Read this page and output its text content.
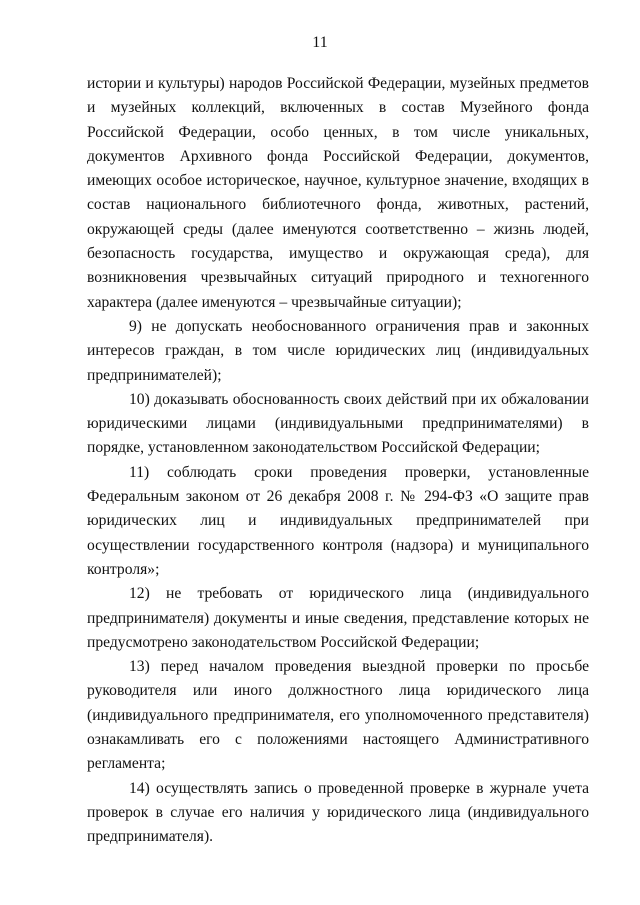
11

истории и культуры) народов Российской Федерации, музейных предметов и музейных коллекций, включенных в состав Музейного фонда Российской Федерации, особо ценных, в том числе уникальных, документов Архивного фонда Российской Федерации, документов, имеющих особое историческое, научное, культурное значение, входящих в состав национального библиотечного фонда, животных, растений, окружающей среды (далее именуются соответственно – жизнь людей, безопасность государства, имущество и окружающая среда), для возникновения чрезвычайных ситуаций природного и техногенного характера (далее именуются – чрезвычайные ситуации);

9) не допускать необоснованного ограничения прав и законных интересов граждан, в том числе юридических лиц (индивидуальных предпринимателей);

10) доказывать обоснованность своих действий при их обжаловании юридическими лицами (индивидуальными предпринимателями) в порядке, установленном законодательством Российской Федерации;

11) соблюдать сроки проведения проверки, установленные Федеральным законом от 26 декабря 2008 г. № 294-ФЗ «О защите прав юридических лиц и индивидуальных предпринимателей при осуществлении государственного контроля (надзора) и муниципального контроля»;

12) не требовать от юридического лица (индивидуального предпринимателя) документы и иные сведения, представление которых не предусмотрено законодательством Российской Федерации;

13) перед началом проведения выездной проверки по просьбе руководителя или иного должностного лица юридического лица (индивидуального предпринимателя, его уполномоченного представителя) ознакамливать его с положениями настоящего Административного регламента;

14) осуществлять запись о проведенной проверке в журнале учета проверок в случае его наличия у юридического лица (индивидуального предпринимателя).
